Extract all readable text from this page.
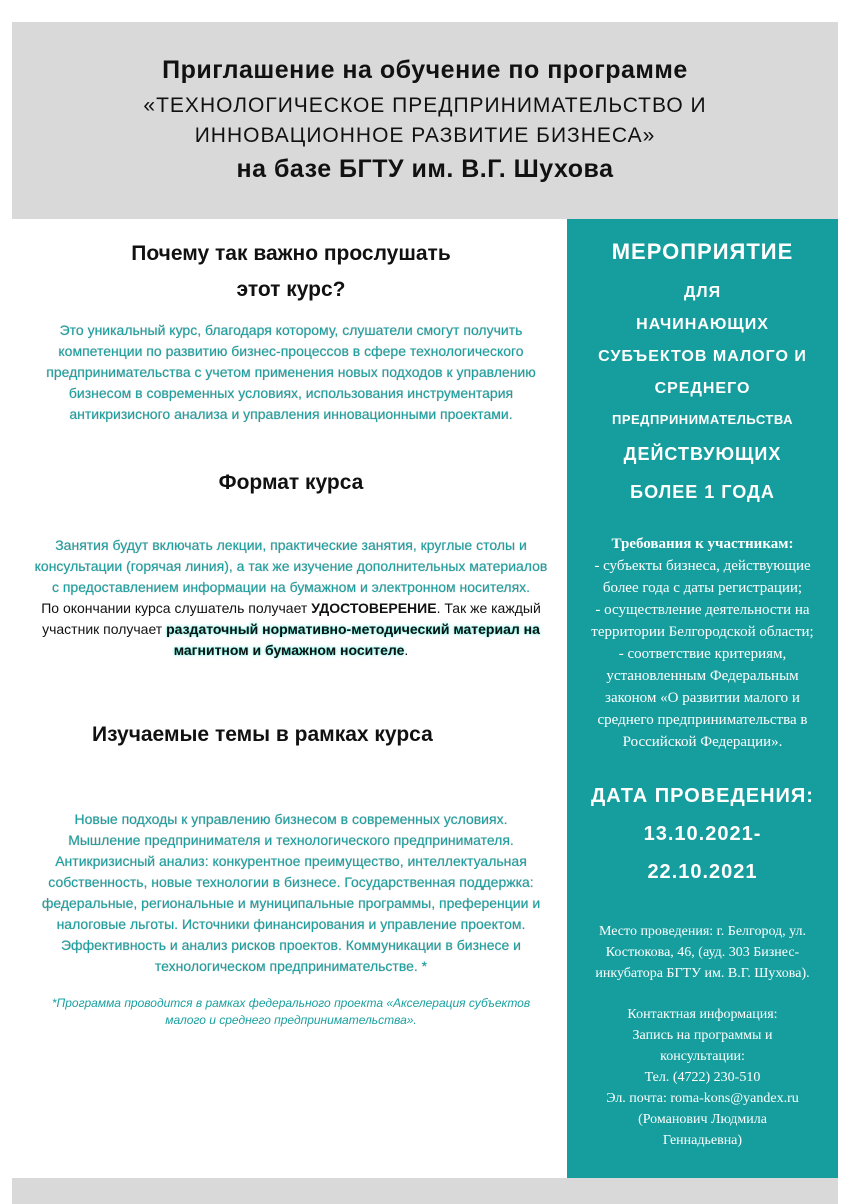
Приглашение на обучение по программе
«ТЕХНОЛОГИЧЕСКОЕ ПРЕДПРИНИМАТЕЛЬСТВО И
ИННОВАЦИОННОЕ РАЗВИТИЕ БИЗНЕСА»
на базе БГТУ им. В.Г. Шухова
Почему так важно прослушать
этот курс?
Это уникальный курс, благодаря которому, слушатели смогут получить компетенции по развитию бизнес-процессов в сфере технологического предпринимательства с учетом применения новых подходов к управлению бизнесом в современных условиях, использования инструментария антикризисного анализа и управления инновационными проектами.
Формат курса
Занятия будут включать лекции, практические занятия, круглые столы и консультации (горячая линия), а так же изучение дополнительных материалов с предоставлением информации на бумажном и электронном носителях.
По окончании курса слушатель получает УДОСТОВЕРЕНИЕ. Так же каждый участник получает раздаточный нормативно-методический материал на магнитном и бумажном носителе.
Изучаемые темы в рамках курса
Новые подходы к управлению бизнесом в современных условиях. Мышление предпринимателя и технологического предпринимателя. Антикризисный анализ: конкурентное преимущество, интеллектуальная собственность, новые технологии в бизнесе. Государственная поддержка: федеральные, региональные и муниципальные программы, преференции и налоговые льготы. Источники финансирования и управление проектом. Эффективность и анализ рисков проектов. Коммуникации в бизнесе и технологическом предпринимательстве. *
*Программа проводится в рамках федерального проекта «Акселерация субъектов малого и среднего предпринимательства».
МЕРОПРИЯТИЕ
ДЛЯ
НАЧИНАЮЩИХ
СУБЪЕКТОВ МАЛОГО И
СРЕДНЕГО
ПРЕДПРИНИМАТЕЛЬСТВА
ДЕЙСТВУЮЩИХ
БОЛЕЕ 1 ГОДА
Требования к участникам:
- субъекты бизнеса, действующие более года с даты регистрации;
- осуществление деятельности на территории Белгородской области;
- соответствие критериям, установленным Федеральным законом «О развитии малого и среднего предпринимательства в Российской Федерации».
ДАТА ПРОВЕДЕНИЯ:
13.10.2021-
22.10.2021
Место проведения: г. Белгород, ул. Костюкова, 46, (ауд. 303 Бизнес-инкубатора БГТУ им. В.Г. Шухова).
Контактная информация:
Запись на программы и консультации:
Тел. (4722) 230-510
Эл. почта: roma-kons@yandex.ru
(Романович Людмила Геннадьевна)
